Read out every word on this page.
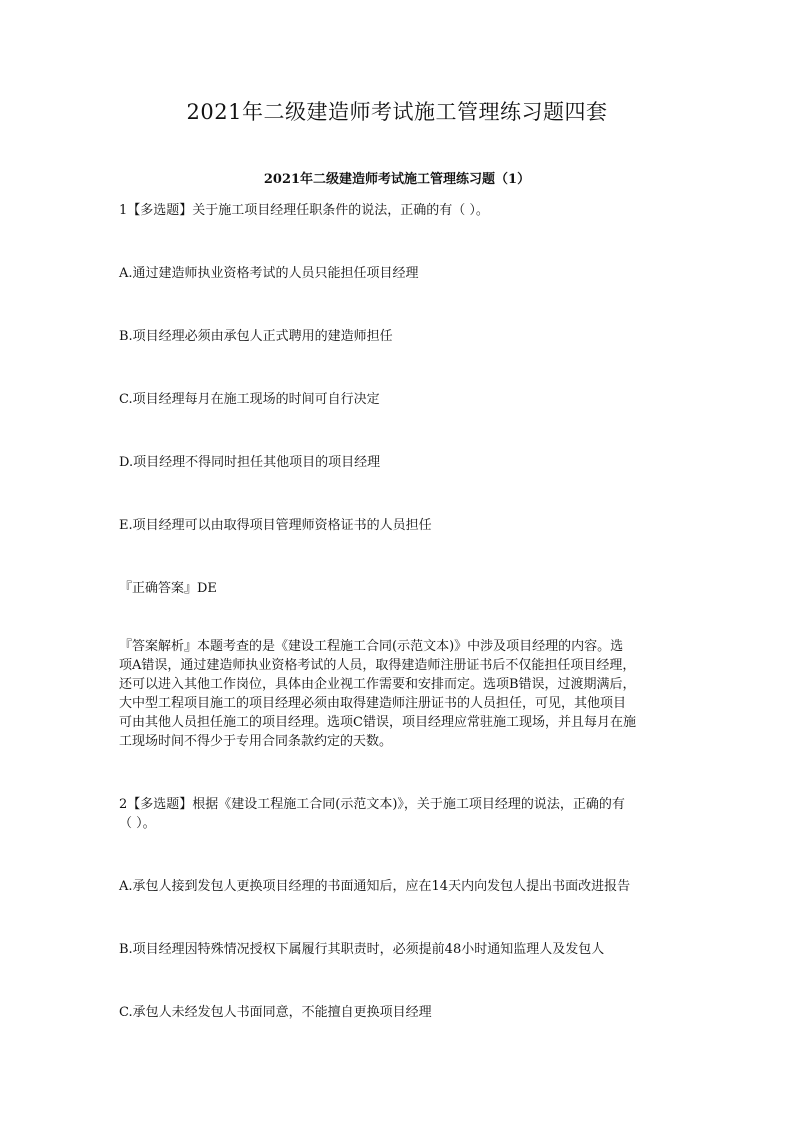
2021年二级建造师考试施工管理练习题四套
2021年二级建造师考试施工管理练习题（1）
1【多选题】关于施工项目经理任职条件的说法，正确的有（ ）。
A.通过建造师执业资格考试的人员只能担任项目经理
B.项目经理必须由承包人正式聘用的建造师担任
C.项目经理每月在施工现场的时间可自行决定
D.项目经理不得同时担任其他项目的项目经理
E.项目经理可以由取得项目管理师资格证书的人员担任
『正确答案』DE
『答案解析』本题考查的是《建设工程施工合同(示范文本)》中涉及项目经理的内容。选
项A错误，通过建造师执业资格考试的人员，取得建造师注册证书后不仅能担任项目经理，
还可以进入其他工作岗位，具体由企业视工作需要和安排而定。选项B错误，过渡期满后，
大中型工程项目施工的项目经理必须由取得建造师注册证书的人员担任，可见，其他项目
可由其他人员担任施工的项目经理。选项C错误，项目经理应常驻施工现场，并且每月在施
工现场时间不得少于专用合同条款约定的天数。
2【多选题】根据《建设工程施工合同(示范文本)》，关于施工项目经理的说法，正确的有
（ ）。
A.承包人接到发包人更换项目经理的书面通知后，应在14天内向发包人提出书面改进报告
B.项目经理因特殊情况授权下属履行其职责时，必须提前48小时通知监理人及发包人
C.承包人未经发包人书面同意，不能擅自更换项目经理
